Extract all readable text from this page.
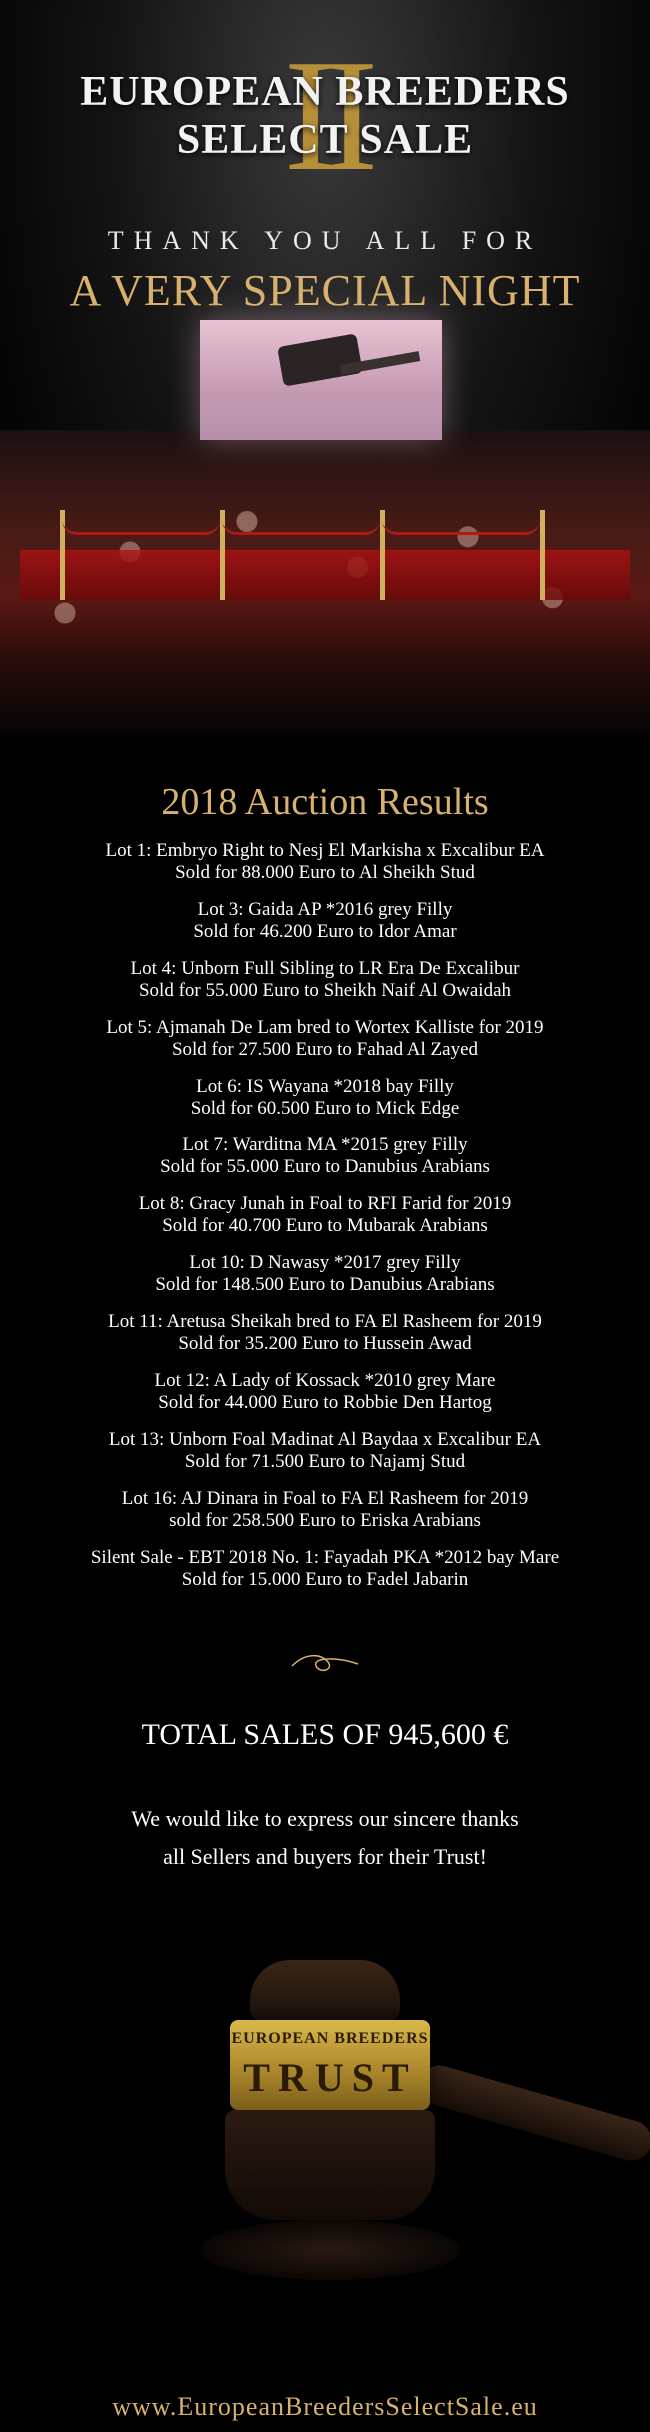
II
EUROPEAN BREEDERS
SELECT SALE
THANK YOU ALL FOR
A VERY SPECIAL NIGHT
2018 Auction Results
Lot 1: Embryo Right to Nesj El Markisha x Excalibur EA
Sold for 88.000 Euro to Al Sheikh Stud
Lot 3: Gaida AP *2016 grey Filly
Sold for 46.200 Euro to Idor Amar
Lot 4: Unborn Full Sibling to LR Era De Excalibur
Sold for 55.000 Euro to Sheikh Naif Al Owaidah
Lot 5: Ajmanah De Lam bred to Wortex Kalliste for 2019
Sold for 27.500 Euro to Fahad Al Zayed
Lot 6: IS Wayana *2018 bay Filly
Sold for 60.500 Euro to Mick Edge
Lot 7: Warditna MA *2015 grey Filly
Sold for 55.000 Euro to Danubius Arabians
Lot 8: Gracy Junah in Foal to RFI Farid for 2019
Sold for 40.700 Euro to Mubarak Arabians
Lot 10: D Nawasy *2017 grey Filly
Sold for 148.500 Euro to Danubius Arabians
Lot 11: Aretusa Sheikah bred to FA El Rasheem for 2019
Sold for 35.200 Euro to Hussein Awad
Lot 12: A Lady of Kossack *2010 grey Mare
Sold for 44.000 Euro to Robbie Den Hartog
Lot 13: Unborn Foal Madinat Al Baydaa x Excalibur EA
Sold for 71.500 Euro to Najamj Stud
Lot 16: AJ Dinara in Foal to FA El Rasheem for 2019
sold for 258.500 Euro to Eriska Arabians
Silent Sale - EBT 2018 No. 1: Fayadah PKA *2012 bay Mare
Sold for 15.000 Euro to Fadel Jabarin
TOTAL SALES OF 945,600 €
We would like to express our sincere thanks
all Sellers and buyers for their Trust!
EUROPEAN BREEDERS
TRUST
www.EuropeanBreedersSelectSale.eu
